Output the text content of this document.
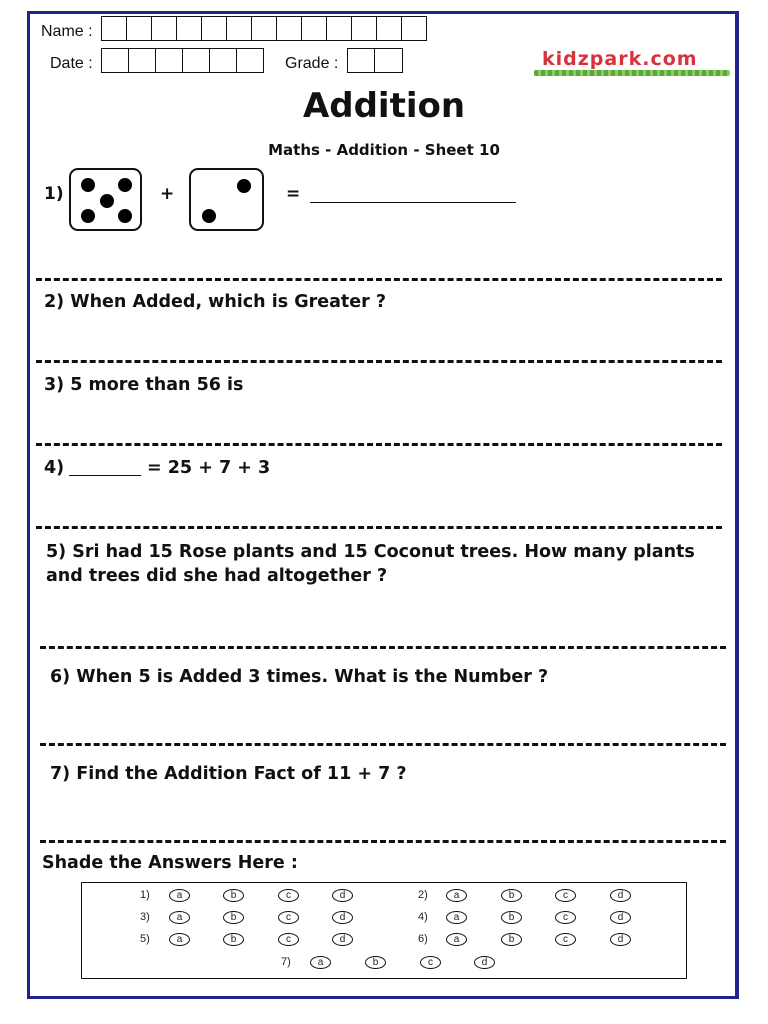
Name :
Date :	Grade :	kidzpark.com
Addition
Maths - Addition - Sheet 10
1)	+	=
2) When Added, which is Greater ?
3) 5 more than 56 is
4)	= 25 + 7 + 3
5) Sri had 15 Rose plants and 15 Coconut trees. How many plants
and trees did she had altogether ?
6) When 5 is Added 3 times. What is the Number ?
7) Find the Addition Fact of 11 + 7 ?
Shade the Answers Here :
1)	a	b	c	d	2)	a	b	c	d
3)	a	b	c	d	4)	a	b	c	d
5)	a	b	c	d	6)	a	b	c	d
7)	a	b	c	d
